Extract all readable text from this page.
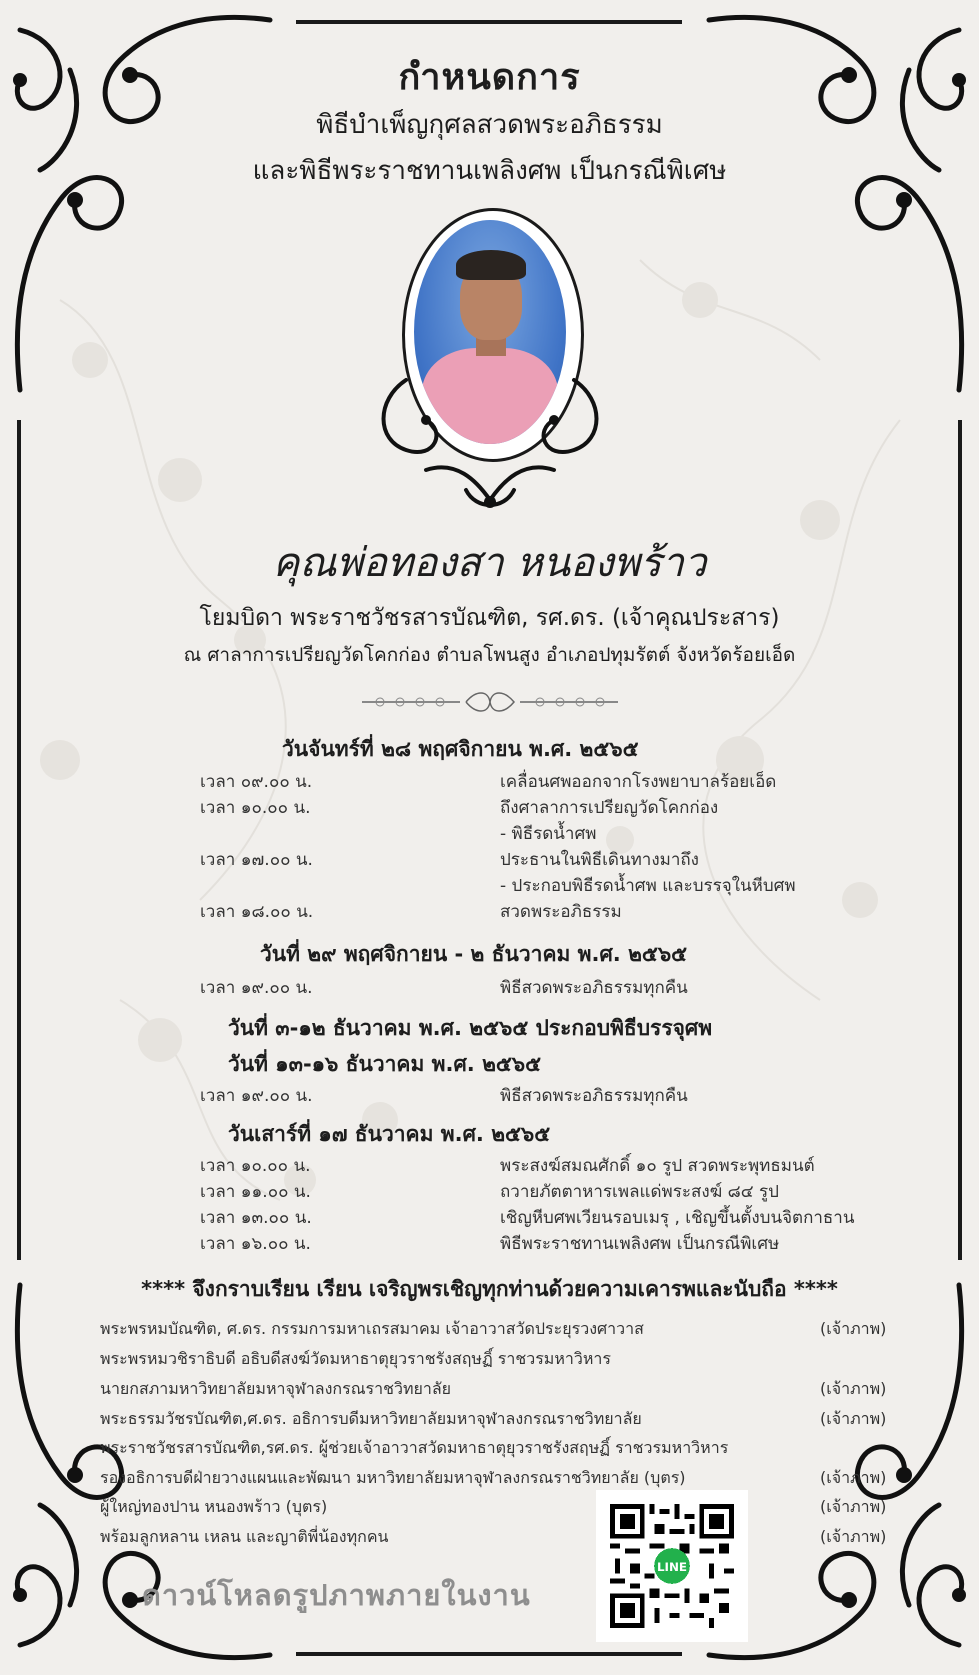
กำหนดการ
พิธีบำเพ็ญกุศลสวดพระอภิธรรม
และพิธีพระราชทานเพลิงศพ เป็นกรณีพิเศษ
คุณพ่อทองสา หนองพร้าว
โยมบิดา พระราชวัชรสารบัณฑิต, รศ.ดร. (เจ้าคุณประสาร)
ณ ศาลาการเปรียญวัดโคกก่อง ตำบลโพนสูง อำเภอปทุมรัตต์ จังหวัดร้อยเอ็ด
วันจันทร์ที่ ๒๘ พฤศจิกายน พ.ศ. ๒๕๖๕
เวลา ๐๙.๐๐ น.	เคลื่อนศพออกจากโรงพยาบาลร้อยเอ็ด
เวลา ๑๐.๐๐ น.	ถึงศาลาการเปรียญวัดโคกก่อง
- พิธีรดน้ำศพ
เวลา ๑๗.๐๐ น.	ประธานในพิธีเดินทางมาถึง
- ประกอบพิธีรดน้ำศพ และบรรจุในหีบศพ
เวลา ๑๘.๐๐ น.	สวดพระอภิธรรม
วันที่ ๒๙ พฤศจิกายน - ๒ ธันวาคม พ.ศ. ๒๕๖๕
เวลา ๑๙.๐๐ น.	พิธีสวดพระอภิธรรมทุกคืน
วันที่ ๓-๑๒ ธันวาคม พ.ศ. ๒๕๖๕ ประกอบพิธีบรรจุศพ
วันที่ ๑๓-๑๖ ธันวาคม พ.ศ. ๒๕๖๕
เวลา ๑๙.๐๐ น.	พิธีสวดพระอภิธรรมทุกคืน
วันเสาร์ที่ ๑๗ ธันวาคม พ.ศ. ๒๕๖๕
เวลา ๑๐.๐๐ น.	พระสงฆ์สมณศักดิ์ ๑๐ รูป สวดพระพุทธมนต์
เวลา ๑๑.๐๐ น.	ถวายภัตตาหารเพลแด่พระสงฆ์ ๘๔ รูป
เวลา ๑๓.๐๐ น.	เชิญหีบศพเวียนรอบเมรุ , เชิญขึ้นตั้งบนจิตกาธาน
เวลา ๑๖.๐๐ น.	พิธีพระราชทานเพลิงศพ เป็นกรณีพิเศษ
**** จึงกราบเรียน เรียน เจริญพรเชิญทุกท่านด้วยความเคารพและนับถือ ****
พระพรหมบัณฑิต, ศ.ดร. กรรมการมหาเถรสมาคม เจ้าอาวาสวัดประยุรวงศาวาส	(เจ้าภาพ)
พระพรหมวชิราธิบดี อธิบดีสงฆ์วัดมหาธาตุยุวราชรังสฤษฏิ์ ราชวรมหาวิหาร
นายกสภามหาวิทยาลัยมหาจุฬาลงกรณราชวิทยาลัย	(เจ้าภาพ)
พระธรรมวัชรบัณฑิต,ศ.ดร. อธิการบดีมหาวิทยาลัยมหาจุฬาลงกรณราชวิทยาลัย	(เจ้าภาพ)
พระราชวัชรสารบัณฑิต,รศ.ดร. ผู้ช่วยเจ้าอาวาสวัดมหาธาตุยุวราชรังสฤษฏิ์ ราชวรมหาวิหาร
รองอธิการบดีฝ่ายวางแผนและพัฒนา มหาวิทยาลัยมหาจุฬาลงกรณราชวิทยาลัย (บุตร)	(เจ้าภาพ)
ผู้ใหญ่ทองปาน หนองพร้าว (บุตร)	(เจ้าภาพ)
พร้อมลูกหลาน เหลน และญาติพี่น้องทุกคน	(เจ้าภาพ)
ดาวน์โหลดรูปภาพภายในงาน
LINE
